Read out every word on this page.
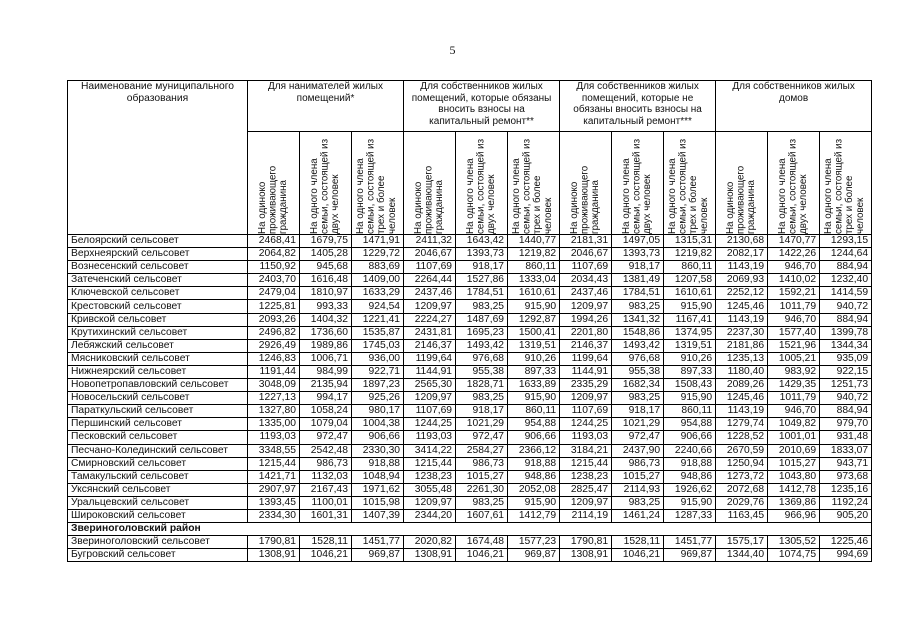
5
Наименование муниципального образования	Для нанимателей жилых помещений*			Для собственников жилых помещений, которые обязаны вносить взносы на капитальный ремонт**			Для собственников жилых помещений, которые не обязаны вносить взносы на капитальный ремонт***			Для собственников жилых домов		

	На одиноко проживающего гражданина	На одного члена семьи, состоящей из двух человек	На одного члена семьи, состоящей из трех и более человек	На одиноко проживающего гражданина	На одного члена семьи, состоящей из двух человек	На одного члена семьи, состоящей из трех и более человек	На одиноко проживающего гражданина	На одного члена семьи, состоящей из двух человек	На одного члена семьи, состоящей из трех и более человек	На одиноко проживающего гражданина	На одного члена семьи, состоящей из двух человек	На одного члена семьи, состоящей из трех и более человек

Белоярский сельсовет	2468,41	1679,75	1471,91	2411,32	1643,42	1440,77	2181,31	1497,05	1315,31	2130,68	1470,77	1293,15
Верхнеярский сельсовет	2064,82	1405,28	1229,72	2046,67	1393,73	1219,82	2046,67	1393,73	1219,82	2082,17	1422,26	1244,64
Вознесенский сельсовет	1150,92	945,68	883,69	1107,69	918,17	860,11	1107,69	918,17	860,11	1143,19	946,70	884,94
Затеченский сельсовет	2403,70	1616,48	1409,00	2264,44	1527,86	1333,04	2034,43	1381,49	1207,58	2069,93	1410,02	1232,40
Ключевской сельсовет	2479,04	1810,97	1633,29	2437,46	1784,51	1610,61	2437,46	1784,51	1610,61	2252,12	1592,21	1414,59
Крестовский сельсовет	1225,81	993,33	924,54	1209,97	983,25	915,90	1209,97	983,25	915,90	1245,46	1011,79	940,72
Кривской сельсовет	2093,26	1404,32	1221,41	2224,27	1487,69	1292,87	1994,26	1341,32	1167,41	1143,19	946,70	884,94
Крутихинский сельсовет	2496,82	1736,60	1535,87	2431,81	1695,23	1500,41	2201,80	1548,86	1374,95	2237,30	1577,40	1399,78
Лебяжский сельсовет	2926,49	1989,86	1745,03	2146,37	1493,42	1319,51	2146,37	1493,42	1319,51	2181,86	1521,96	1344,34
Мясниковский сельсовет	1246,83	1006,71	936,00	1199,64	976,68	910,26	1199,64	976,68	910,26	1235,13	1005,21	935,09
Нижнеярский сельсовет	1191,44	984,99	922,71	1144,91	955,38	897,33	1144,91	955,38	897,33	1180,40	983,92	922,15
Новопетропавловский сельсовет	3048,09	2135,94	1897,23	2565,30	1828,71	1633,89	2335,29	1682,34	1508,43	2089,26	1429,35	1251,73
Новосельский сельсовет	1227,13	994,17	925,26	1209,97	983,25	915,90	1209,97	983,25	915,90	1245,46	1011,79	940,72
Параткульский сельсовет	1327,80	1058,24	980,17	1107,69	918,17	860,11	1107,69	918,17	860,11	1143,19	946,70	884,94
Першинский сельсовет	1335,00	1079,04	1004,38	1244,25	1021,29	954,88	1244,25	1021,29	954,88	1279,74	1049,82	979,70
Песковский сельсовет	1193,03	972,47	906,66	1193,03	972,47	906,66	1193,03	972,47	906,66	1228,52	1001,01	931,48
Песчано-Колединский сельсовет	3348,55	2542,48	2330,30	3414,22	2584,27	2366,12	3184,21	2437,90	2240,66	2670,59	2010,69	1833,07
Смирновский сельсовет	1215,44	986,73	918,88	1215,44	986,73	918,88	1215,44	986,73	918,88	1250,94	1015,27	943,71
Тамакульский сельсовет	1421,71	1132,03	1048,94	1238,23	1015,27	948,86	1238,23	1015,27	948,86	1273,72	1043,80	973,68
Уксянский сельсовет	2907,97	2167,43	1971,62	3055,48	2261,30	2052,08	2825,47	2114,93	1926,62	2072,68	1412,78	1235,16
Уральцевский сельсовет	1393,45	1100,01	1015,98	1209,97	983,25	915,90	1209,97	983,25	915,90	2029,76	1369,86	1192,24
Широковский сельсовет	2334,30	1601,31	1407,39	2344,20	1607,61	1412,79	2114,19	1461,24	1287,33	1163,45	966,96	905,20
Звериноголовский район												
Звериноголовский сельсовет	1790,81	1528,11	1451,77	2020,82	1674,48	1577,23	1790,81	1528,11	1451,77	1575,17	1305,52	1225,46
Бугровский сельсовет	1308,91	1046,21	969,87	1308,91	1046,21	969,87	1308,91	1046,21	969,87	1344,40	1074,75	994,69
